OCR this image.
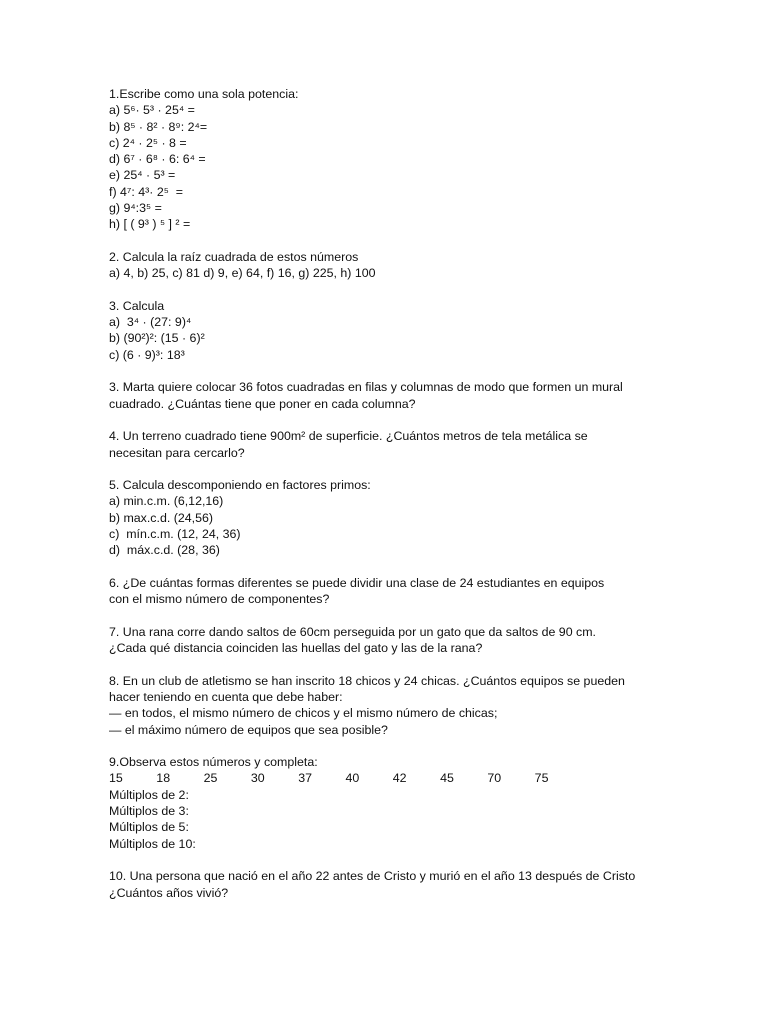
1.Escribe como una sola potencia:
a) 5⁶· 5³ · 25⁴ =
b) 8⁵ · 8² · 8⁹: 2⁴=
c) 2⁴ · 2⁵ · 8 =
d) 6⁷ · 6⁸ · 6: 6⁴ =
e) 25⁴ · 5³ =
f) 4⁷: 4³· 2⁵  =
g) 9⁴:3⁵ =
h) [ ( 9³ ) ⁵ ] ² =
2. Calcula la raíz cuadrada de estos números
a) 4, b) 25, c) 81 d) 9, e) 64, f) 16, g) 225, h) 100
3. Calcula
a)  3⁴ · (27: 9)⁴
b) (90²)²: (15 · 6)²
c) (6 · 9)³: 18³
3. Marta quiere colocar 36 fotos cuadradas en filas y columnas de modo que formen un mural
cuadrado. ¿Cuántas tiene que poner en cada columna?
4. Un terreno cuadrado tiene 900m² de superficie. ¿Cuántos metros de tela metálica se
necesitan para cercarlo?
5. Calcula descomponiendo en factores primos:
a) min.c.m. (6,12,16)
b) max.c.d. (24,56)
c)  mín.c.m. (12, 24, 36)
d)  máx.c.d. (28, 36)
6. ¿De cuántas formas diferentes se puede dividir una clase de 24 estudiantes en equipos
con el mismo número de componentes?
7. Una rana corre dando saltos de 60cm perseguida por un gato que da saltos de 90 cm.
¿Cada qué distancia coinciden las huellas del gato y las de la rana?
8. En un club de atletismo se han inscrito 18 chicos y 24 chicas. ¿Cuántos equipos se pueden
hacer teniendo en cuenta que debe haber:
— en todos, el mismo número de chicos y el mismo número de chicas;
— el máximo número de equipos que sea posible?
9.Observa estos números y completa:
15	18	25	30	37	40	42	45	70	75
Múltiplos de 2:
Múltiplos de 3:
Múltiplos de 5:
Múltiplos de 10:
10. Una persona que nació en el año 22 antes de Cristo y murió en el año 13 después de Cristo
¿Cuántos años vivió?
